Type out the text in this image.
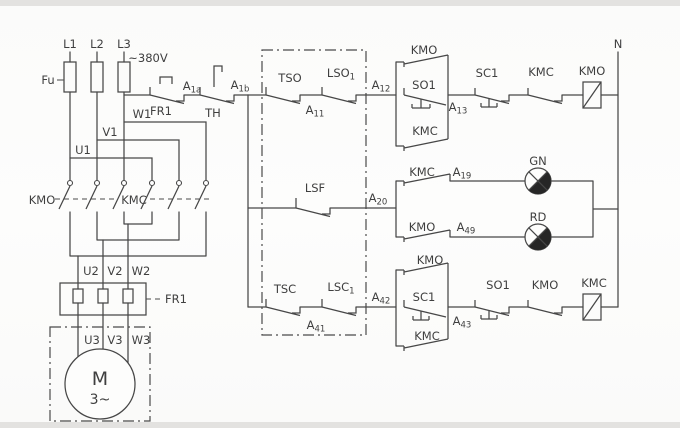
L1 L2 L3
Fu
~380V
FR1	TH
$A_{1a}$	$A_{1b}$
W1
V1
U1
KMO	KMC
U2 V2 W2
FR1
U3 V3 W3
M
3~
TSO $LSO_1$
$A_{11}$
$A_{12}$
LSF
$A_{20}$
TSC	$LSC_1$
$A_{41}$
$A_{42}$
KMO
SO1
KMC
$A_{13}$
SC1	KMC KMO
N
KMC $A_{19}$
KMO $A_{49}$
GN
RD
KMO
SC1
KMC
$A_{43}$
SO1 KMO KMC
